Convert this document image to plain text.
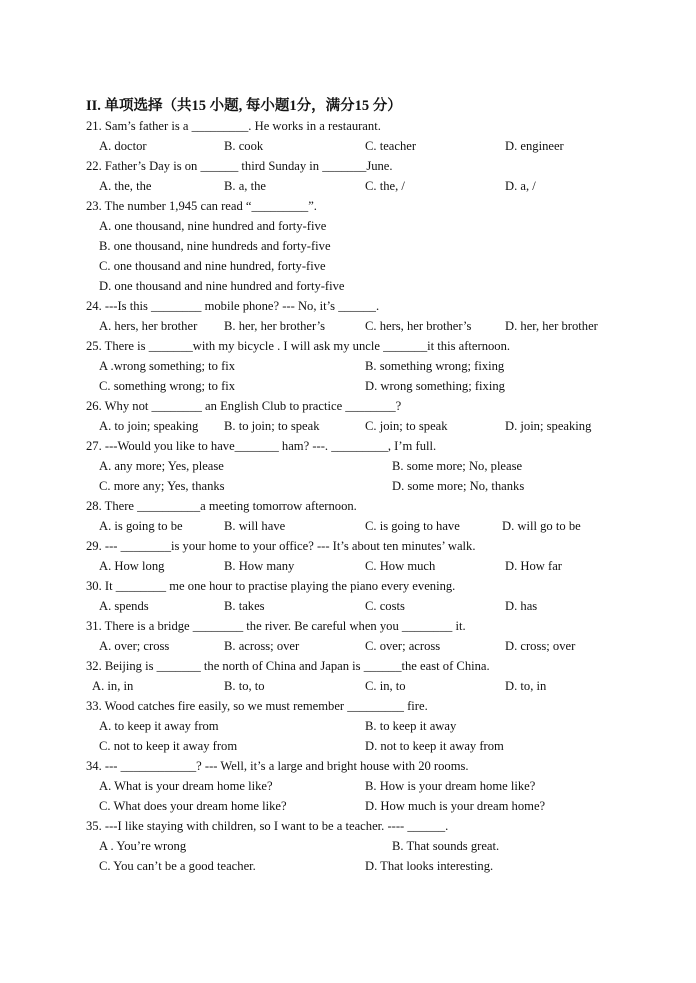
II. 单项选择（共15 小题, 每小题1分，满分15 分）
21. Sam’s father is a _________. He works in a restaurant.
A. doctor	B. cook	C. teacher	D. engineer
22. Father’s Day is on ______ third Sunday in _______June.
A. the, the	B. a, the	C. the, /	D. a, /
23. The number 1,945 can read “_________”.
A. one thousand, nine hundred and forty-five
B. one thousand, nine hundreds and forty-five
C. one thousand and nine hundred, forty-five
D. one thousand and nine hundred and forty-five
24. ---Is this ________ mobile phone? --- No, it’s ______.
A. hers, her brother B. her, her brother’s	C. hers, her brother’s	D. her, her brother
25. There is _______with my bicycle . I will ask my uncle _______it this afternoon.
A .wrong something; to fix	B. something wrong; fixing
C. something wrong; to fix	D. wrong something; fixing
26. Why not ________ an English Club to practice ________?
A. to join; speaking B. to join; to speak	C. join; to speak	D. join; speaking
27. ---Would you like to have_______ ham? ---. _________, I’m full.
A. any more; Yes, please	B. some more; No, please
C. more any; Yes, thanks	D. some more; No, thanks
28. There __________a meeting tomorrow afternoon.
A. is going to be	B. will have	C. is going to have	D. will go to be
29. --- ________is your home to your office? --- It’s about ten minutes’ walk.
A. How long	B. How many	C. How much	D. How far
30. It ________ me one hour to practise playing the piano every evening.
A. spends	B. takes	C. costs	D. has
31. There is a bridge ________ the river. Be careful when you ________ it.
A. over; cross	B. across; over	C. over; across	D. cross; over
32. Beijing is _______ the north of China and Japan is ______the east of China.
A. in, in	B. to, to	C. in, to	D. to, in
33. Wood catches fire easily, so we must remember _________ fire.
A. to keep it away from	B. to keep it away
C. not to keep it away from	D. not to keep it away from
34. --- ____________? --- Well, it’s a large and bright house with 20 rooms.
A. What is your dream home like?	B. How is your dream home like?
C. What does your dream home like?	D. How much is your dream home?
35. ---I like staying with children, so I want to be a teacher. ---- ______.
A . You’re wrong	B. That sounds great.
C. You can’t be a good teacher.	D. That looks interesting.
